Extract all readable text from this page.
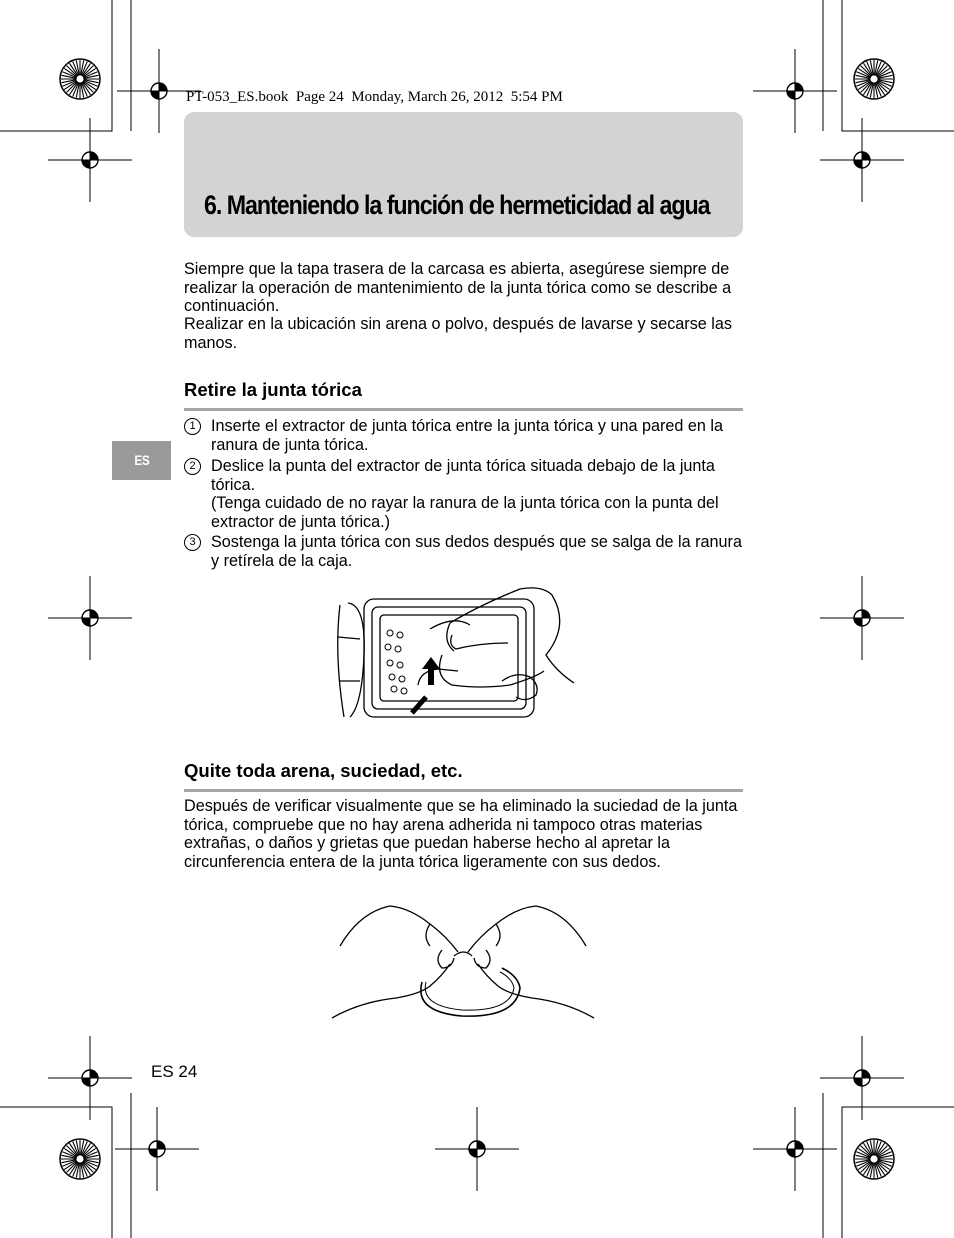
PT-053_ES.book  Page 24  Monday, March 26, 2012  5:54 PM
6. Manteniendo la función de hermeticidad al agua
Siempre que la tapa trasera de la carcasa es abierta, asegúrese siempre de realizar la operación de mantenimiento de la junta tórica como se describe a continuación.
Realizar en la ubicación sin arena o polvo, después de lavarse y secarse las manos.
Retire la junta tórica
1 Inserte el extractor de junta tórica entre la junta tórica y una pared en la ranura de junta tórica.
2 Deslice la punta del extractor de junta tórica situada debajo de la junta tórica.
(Tenga cuidado de no rayar la ranura de la junta tórica con la punta del extractor de junta tórica.)
3 Sostenga la junta tórica con sus dedos después que se salga de la ranura y retírela de la caja.
Quite toda arena, suciedad, etc.
Después de verificar visualmente que se ha eliminado la suciedad de la junta tórica, compruebe que no hay arena adherida ni tampoco otras materias extrañas, o daños y grietas que puedan haberse hecho al apretar la circunferencia entera de la junta tórica ligeramente con sus dedos.
ES
ES 24
